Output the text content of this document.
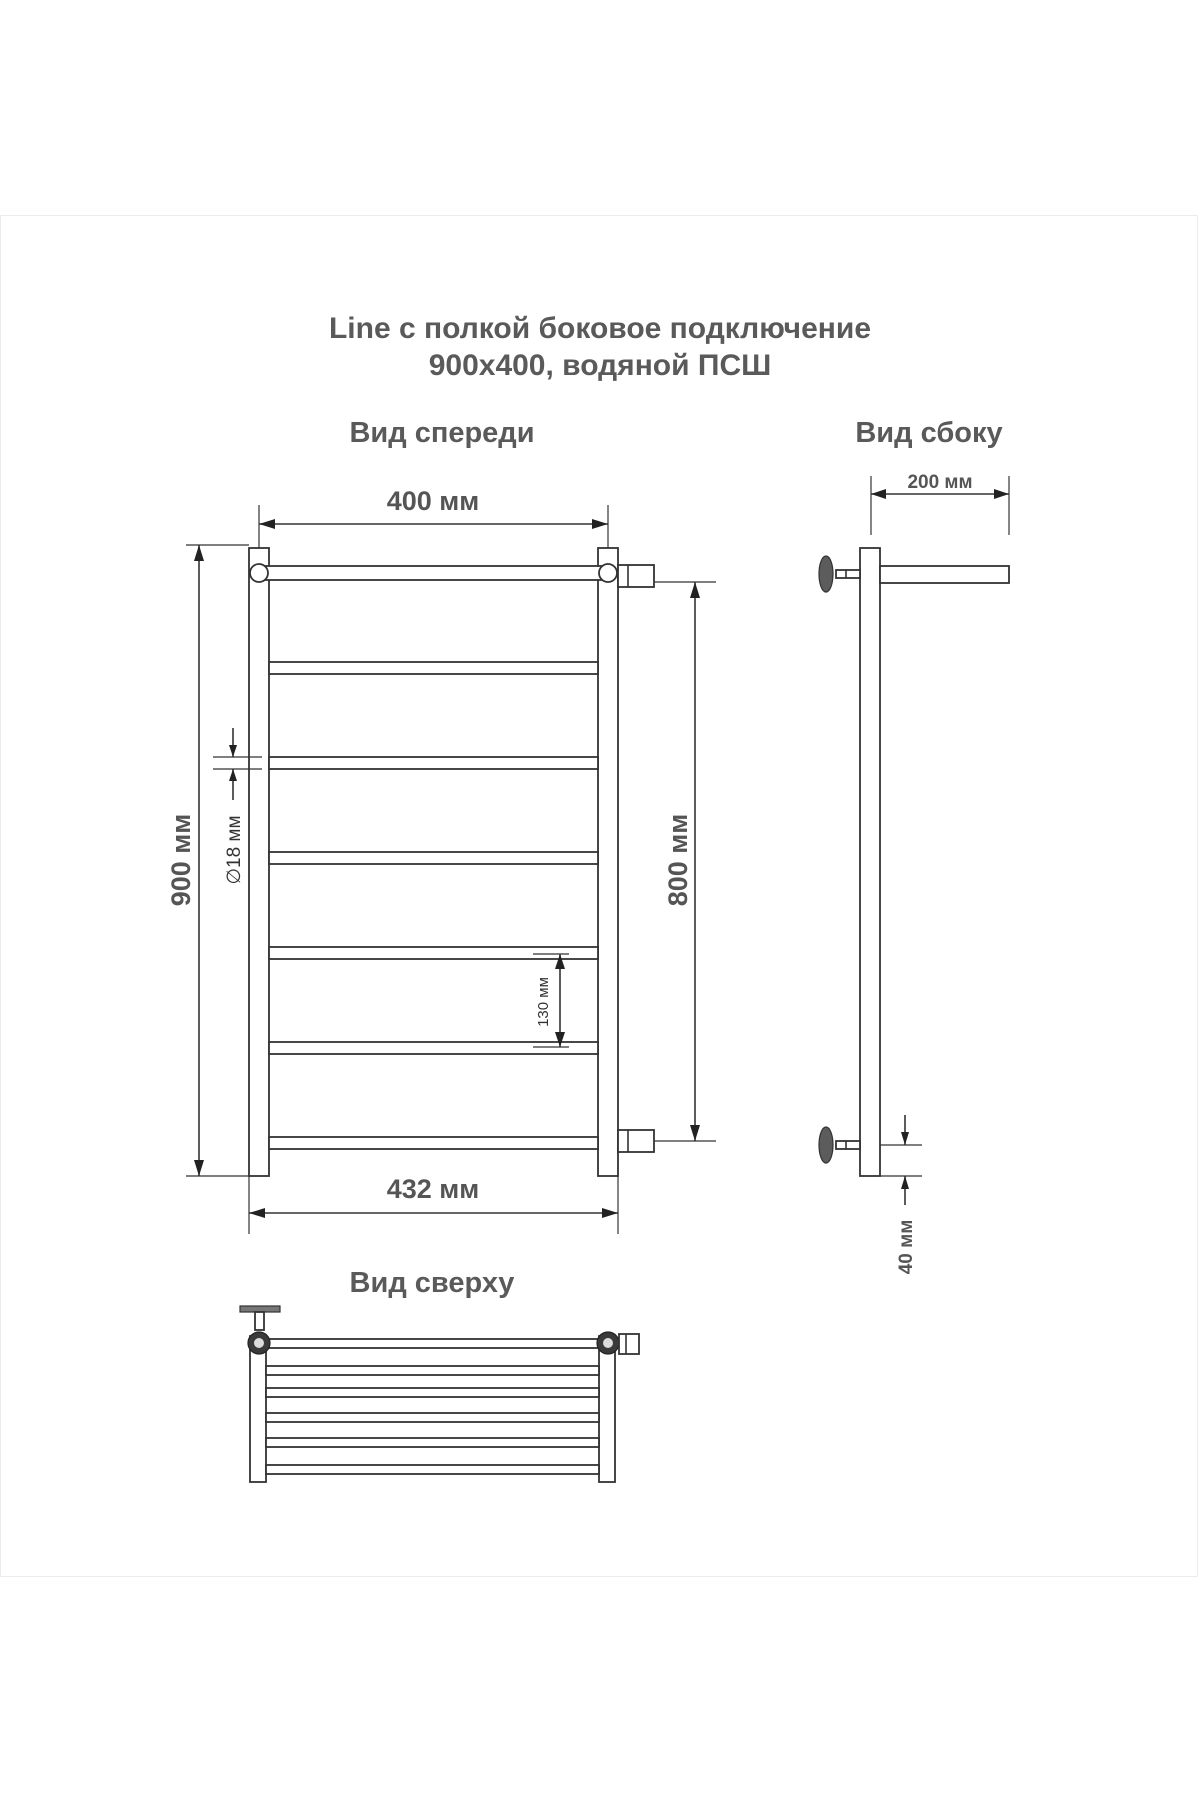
Line с полкой боковое подключение
900x400, водяной ПСШ
Вид спереди	Вид сбоку
Вид сверху
400 мм
900 мм ∅18 мм	800 мм
130 мм
432 мм
200 мм
40 мм
